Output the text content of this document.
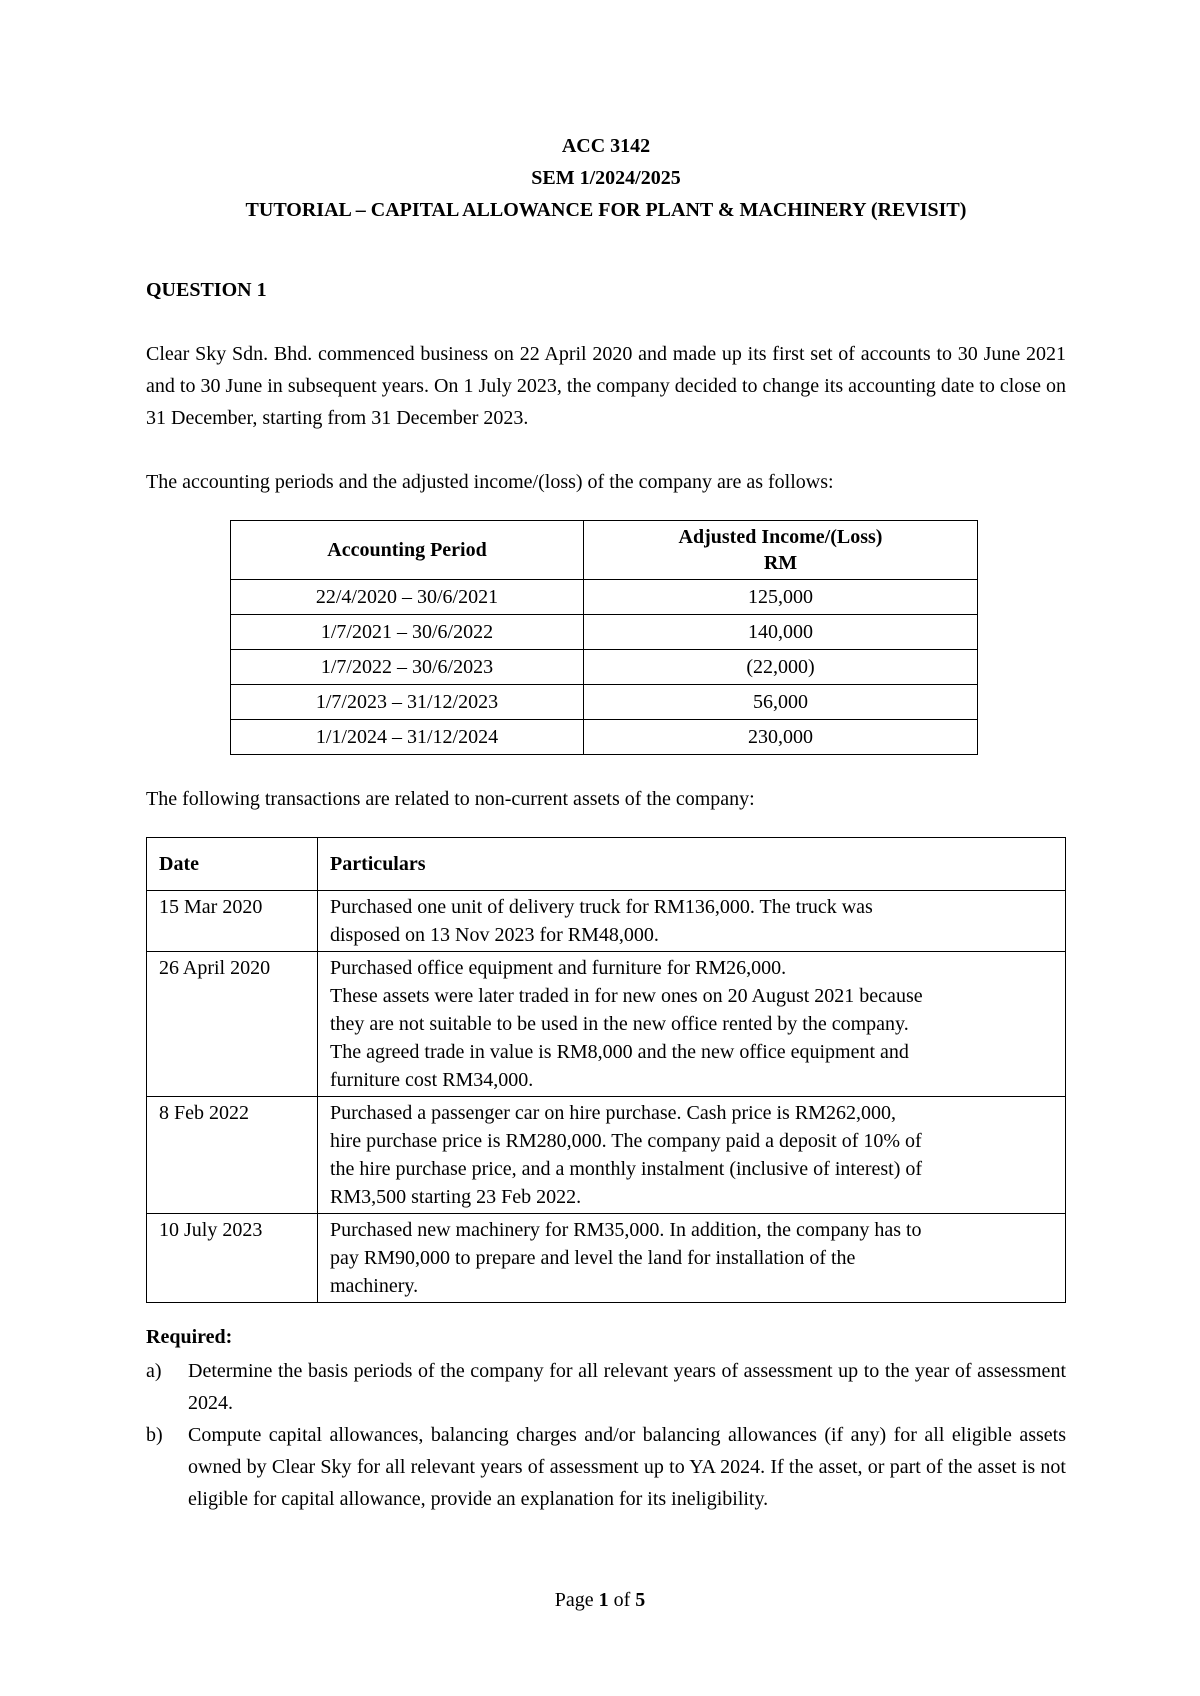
ACC 3142
SEM 1/2024/2025
TUTORIAL – CAPITAL ALLOWANCE FOR PLANT & MACHINERY (REVISIT)
QUESTION 1
Clear Sky Sdn. Bhd. commenced business on 22 April 2020 and made up its first set of accounts to 30 June 2021 and to 30 June in subsequent years. On 1 July 2023, the company decided to change its accounting date to close on 31 December, starting from 31 December 2023.
The accounting periods and the adjusted income/(loss) of the company are as follows:
Accounting Period	Adjusted Income/(Loss)
RM

22/4/2020 – 30/6/2021	125,000
1/7/2021 – 30/6/2022	140,000
1/7/2022 – 30/6/2023	(22,000)
1/7/2023 – 31/12/2023	56,000
1/1/2024 – 31/12/2024	230,000
The following transactions are related to non-current assets of the company:
Date	Particulars
15 Mar 2020	Purchased one unit of delivery truck for RM136,000. The truck was
disposed on 13 Nov 2023 for RM48,000.

26 April 2020	Purchased office equipment and furniture for RM26,000.
These assets were later traded in for new ones on 20 August 2021 because
they are not suitable to be used in the new office rented by the company.
The agreed trade in value is RM8,000 and the new office equipment and
furniture cost RM34,000.

8 Feb 2022	Purchased a passenger car on hire purchase. Cash price is RM262,000,
hire purchase price is RM280,000. The company paid a deposit of 10% of
the hire purchase price, and a monthly instalment (inclusive of interest) of
RM3,500 starting 23 Feb 2022.

10 July 2023	Purchased new machinery for RM35,000. In addition, the company has to
pay RM90,000 to prepare and level the land for installation of the
machinery.
Required:
a)	Determine the basis periods of the company for all relevant years of assessment up to the year of assessment 2024.
b)	Compute capital allowances, balancing charges and/or balancing allowances (if any) for all eligible assets owned by Clear Sky for all relevant years of assessment up to YA 2024. If the asset, or part of the asset is not eligible for capital allowance, provide an explanation for its ineligibility.
Page 1 of 5
